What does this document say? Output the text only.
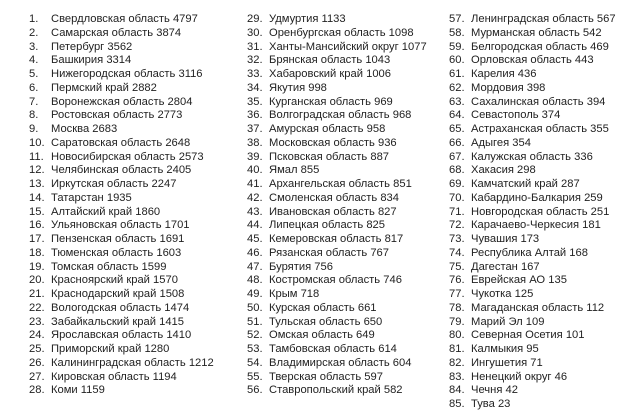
1.	Свердловская область 4797
2.	Самарская область 3874
3.	Петербург 3562
4.	Башкирия 3314
5.	Нижегородская область 3116
6.	Пермский край 2882
7.	Воронежская область 2804
8.	Ростовская область 2773
9.	Москва 2683
10. Саратовская область 2648
11. Новосибирская область 2573
12. Челябинская область 2405
13. Иркутская область 2247
14. Татарстан 1935
15. Алтайский край 1860
16. Ульяновская область 1701
17. Пензенская область 1691
18. Тюменская область 1603
19. Томская область 1599
20. Красноярский край 1570
21. Краснодарский край 1508
22. Вологодская область 1474
23. Забайкальский край 1415
24. Ярославская область 1410
25. Приморский край 1280
26. Калининградская область 1212
27. Кировская область 1194
28. Коми 1159
29. Удмуртия 1133
30. Оренбургская область 1098
31. Ханты-Мансийский округ 1077
32. Брянская область 1043
33. Хабаровский край 1006
34. Якутия 998
35. Курганская область 969
36. Волгоградская область 968
37. Амурская область 958
38. Московская область 936
39. Псковская область 887
40. Ямал 855
41. Архангельская область 851
42. Смоленская область 834
43. Ивановская область 827
44. Липецкая область 825
45. Кемеровская область 817
46. Рязанская область 767
47. Бурятия 756
48. Костромская область 746
49. Крым 718
50. Курская область 661
51. Тульская область 650
52. Омская область 649
53. Тамбовская область 614
54. Владимирская область 604
55. Тверская область 597
56. Ставропольский край 582
57. Ленинградская область 567
58. Мурманская область 542
59. Белгородская область 469
60. Орловская область 443
61. Карелия 436
62. Мордовия 398
63. Сахалинская область 394
64. Севастополь 374
65. Астраханская область 355
66. Адыгея 354
67. Калужская область 336
68. Хакасия 298
69. Камчатский край 287
70. Кабардино-Балкария 259
71. Новгородская область 251
72. Карачаево-Черкесия 181
73. Чувашия 173
74. Республика Алтай 168
75. Дагестан 167
76. Еврейская АО 135
77. Чукотка 125
78. Магаданская область 112
79. Марий Эл 109
80. Северная Осетия 101
81. Калмыкия 95
82. Ингушетия 71
83. Ненецкий округ 46
84. Чечня 42
85. Тува 23
